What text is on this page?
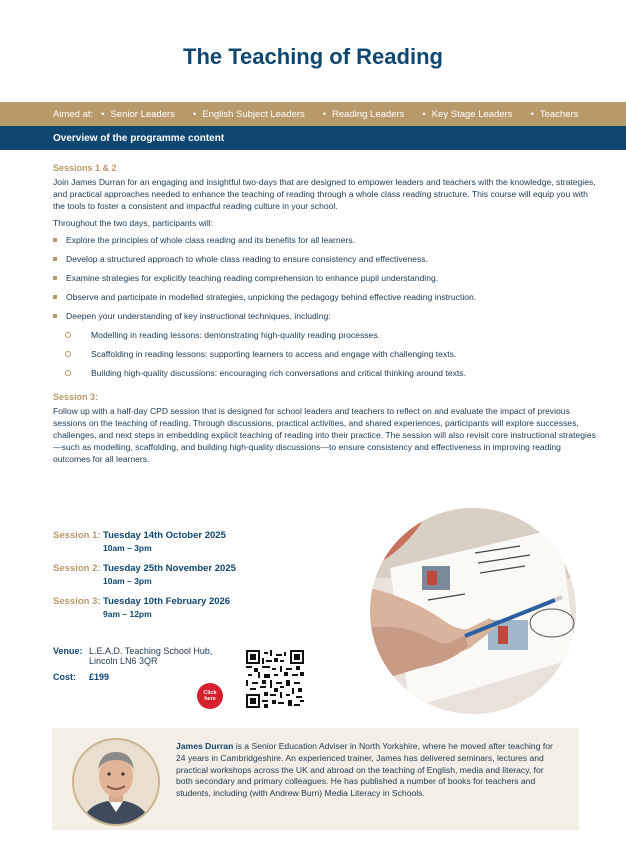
The Teaching of Reading
Aimed at:	• Senior Leaders	• English Subject Leaders	• Reading Leaders	• Key Stage Leaders	• Teachers
Overview of the programme content
Sessions 1 & 2

Join James Durran for an engaging and insightful two-days that are designed to empower leaders and teachers with the knowledge, strategies, and practical approaches needed to enhance the teaching of reading through a whole class reading structure. This course will equip you with the tools to foster a consistent and impactful reading culture in your school.

Throughout the two days, participants will:

Explore the principles of whole class reading and its benefits for all learners.
Develop a structured approach to whole class reading to ensure consistency and effectiveness.
Examine strategies for explicitly teaching reading comprehension to enhance pupil understanding.
Observe and participate in modelled strategies, unpicking the pedagogy behind effective reading instruction.
Deepen your understanding of key instructional techniques, including:
Modelling in reading lessons: demonstrating high-quality reading processes.
Scaffolding in reading lessons: supporting learners to access and engage with challenging texts.
Building high-quality discussions: encouraging rich conversations and critical thinking around texts.
Session 3:

Follow up with a half-day CPD session that is designed for school leaders and teachers to reflect on and evaluate the impact of previous sessions on the teaching of reading. Through discussions, practical activities, and shared experiences, participants will explore successes, challenges, and next steps in embedding explicit teaching of reading into their practice. The session will also revisit core instructional strategies—such as modelling, scaffolding, and building high-quality discussions—to ensure consistency and effectiveness in improving reading outcomes for all learners.

Session 1: Tuesday 14th October 2025
10am – 3pm
Session 2: Tuesday 25th November 2025
10am – 3pm
Session 3: Tuesday 10th February 2026
9am – 12pm
Venue: L.E.A.D. Teaching School Hub,
Lincoln LN6 3QR
Cost:	£199
Click
here
James Durran is a Senior Education Adviser in North Yorkshire, where he moved after teaching for 24 years in Cambridgeshire. An experienced trainer, James has delivered seminars, lectures and practical workshops across the UK and abroad on the teaching of English, media and literacy, for both secondary and primary colleagues. He has published a number of books for teachers and students, including (with Andrew Burn) Media Literacy in Schools.
